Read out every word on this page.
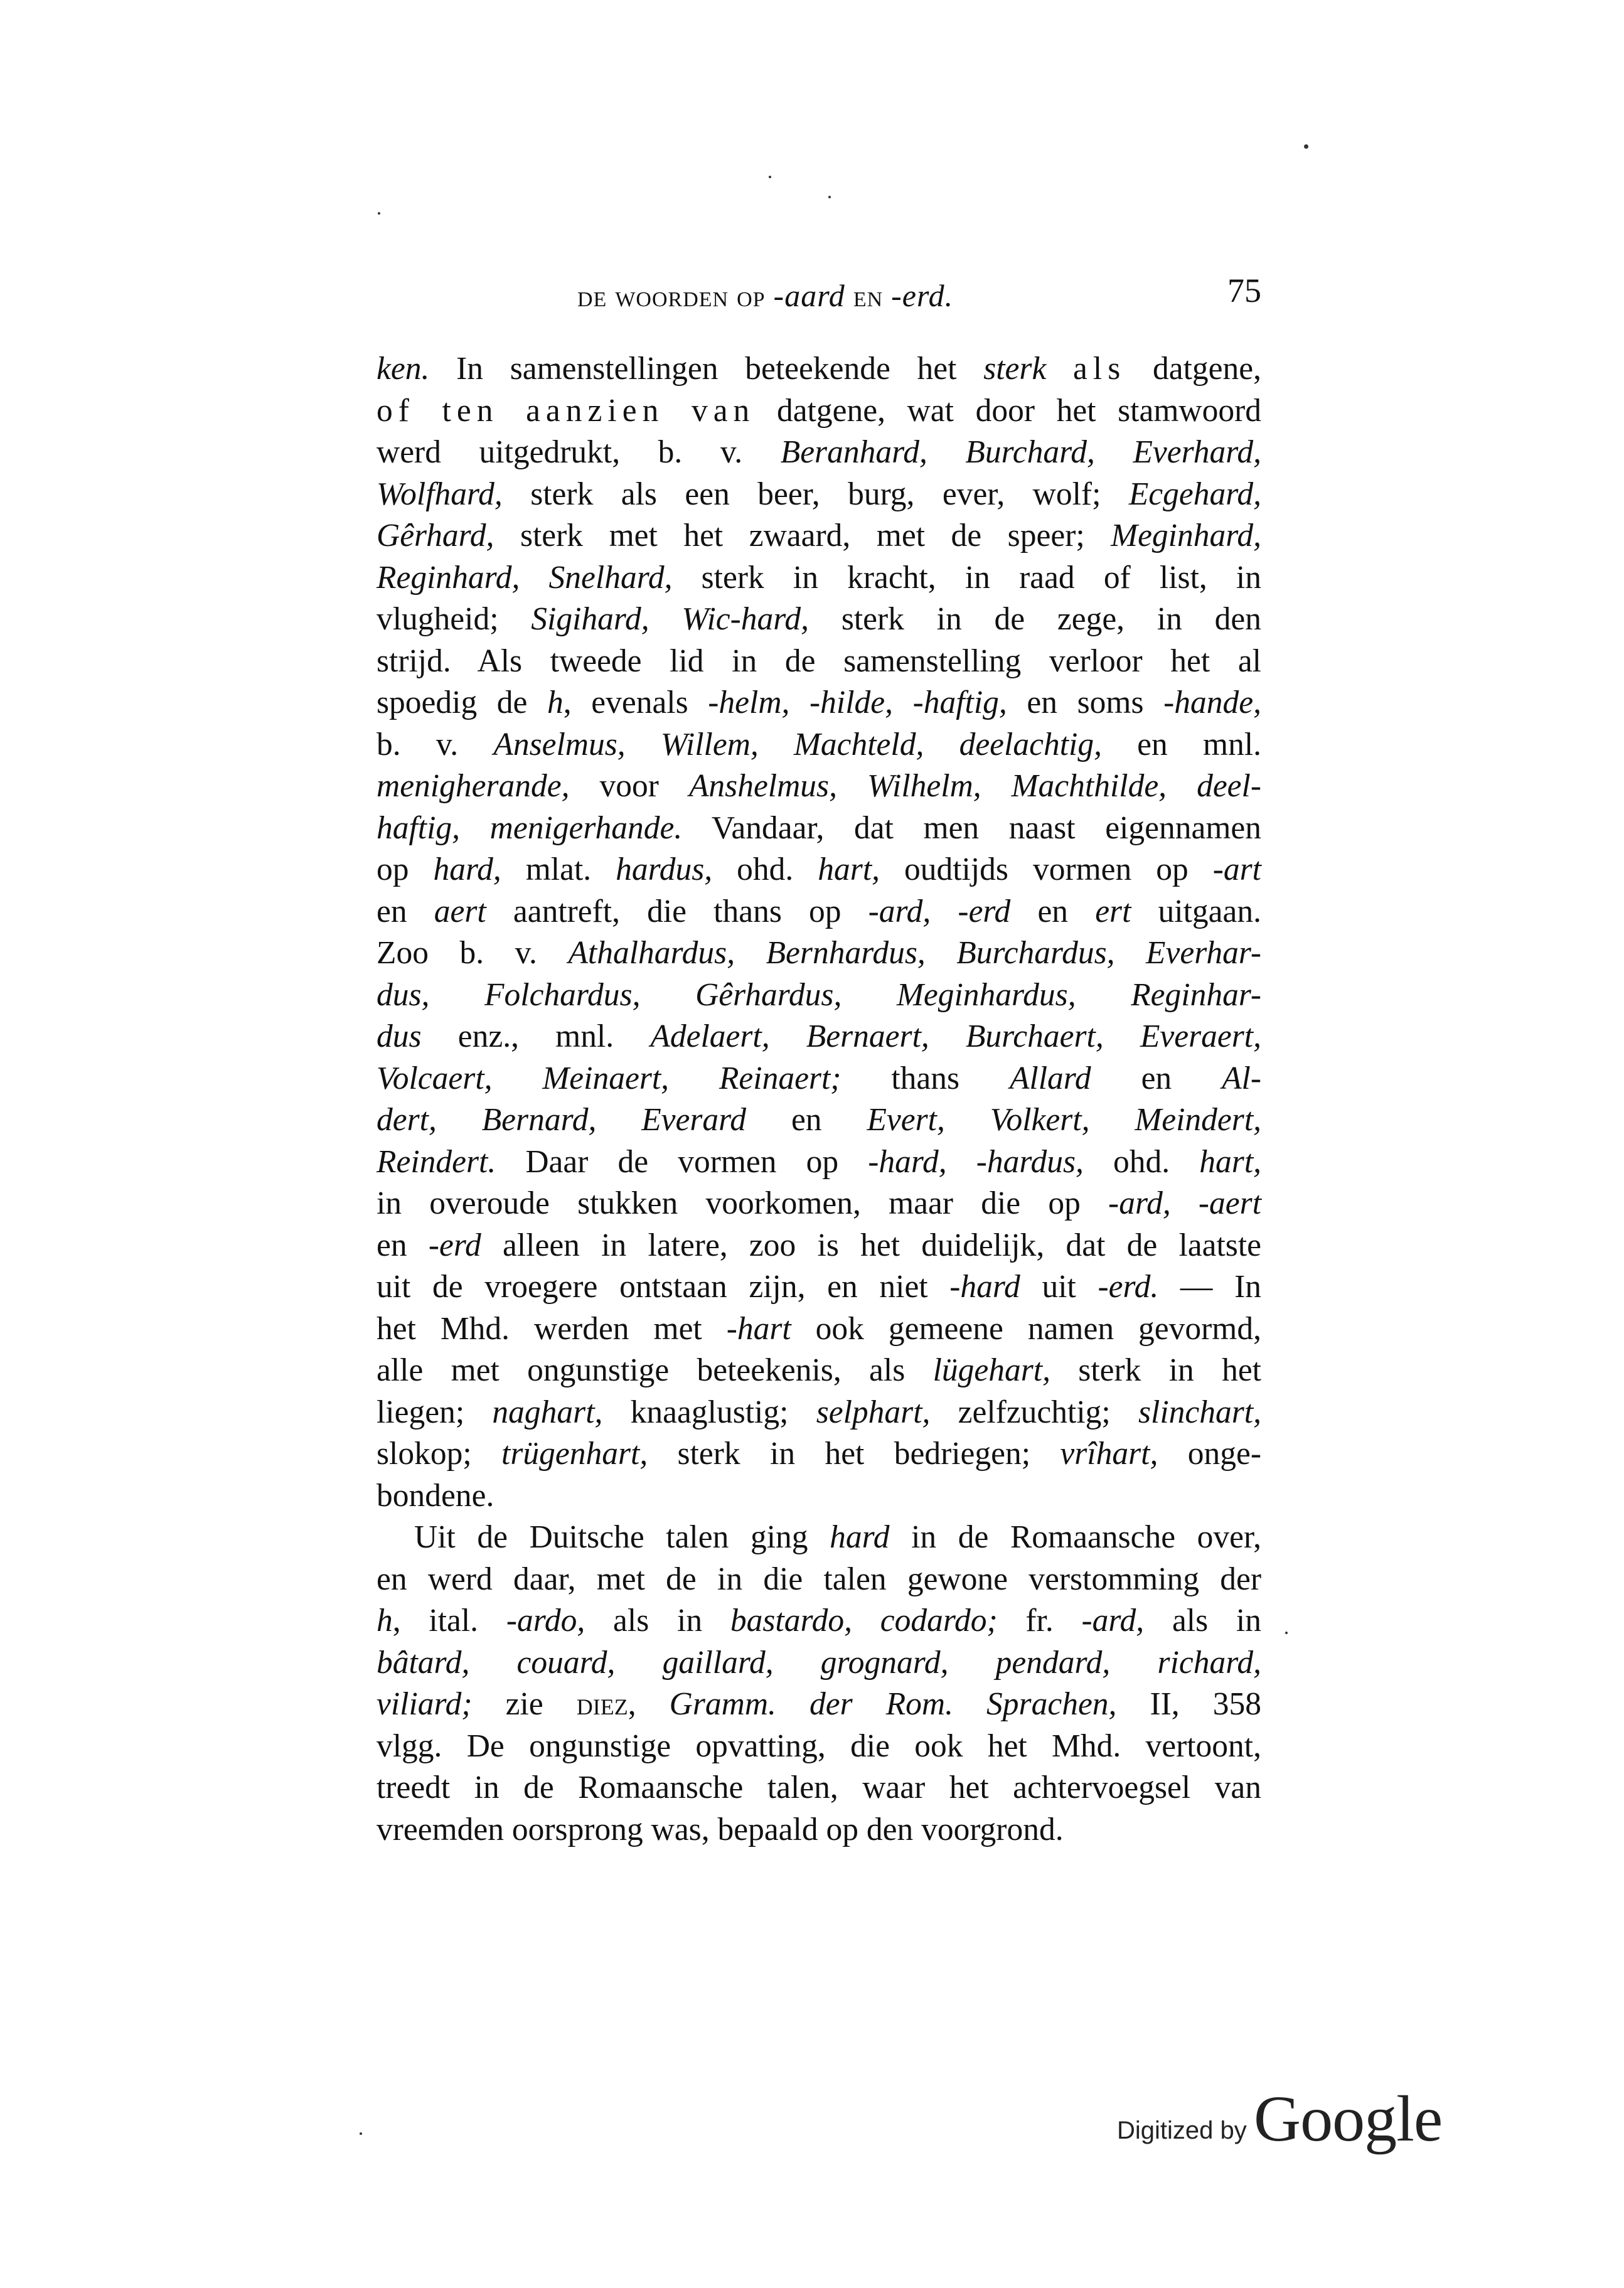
de woorden op -aard en -erd.	75
ken. In samenstellingen beteekende het sterk als datgene,
of ten aanzien van datgene, wat door het stamwoord
werd uitgedrukt, b. v. Beranhard, Burchard, Everhard,
Wolfhard, sterk als een beer, burg, ever, wolf; Ecgehard,
Gêrhard, sterk met het zwaard, met de speer; Meginhard,
Reginhard, Snelhard, sterk in kracht, in raad of list, in
vlugheid; Sigihard, Wic-hard, sterk in de zege, in den
strijd. Als tweede lid in de samenstelling verloor het al
spoedig de h, evenals -helm, -hilde, -haftig, en soms -hande,
b. v. Anselmus, Willem, Machteld, deelachtig, en mnl.
menigherande, voor Anshelmus, Wilhelm, Machthilde, deel-
haftig, menigerhande. Vandaar, dat men naast eigennamen
op hard, mlat. hardus, ohd. hart, oudtijds vormen op -art
en aert aantreft, die thans op -ard, -erd en ert uitgaan.
Zoo b. v. Athalhardus, Bernhardus, Burchardus, Everhar-
dus, Folchardus, Gêrhardus, Meginhardus, Reginhar-
dus enz., mnl. Adelaert, Bernaert, Burchaert, Everaert,
Volcaert, Meinaert, Reinaert; thans Allard en Al-
dert, Bernard, Everard en Evert, Volkert, Meindert,
Reindert. Daar de vormen op -hard, -hardus, ohd. hart,
in overoude stukken voorkomen, maar die op -ard, -aert
en -erd alleen in latere, zoo is het duidelijk, dat de laatste
uit de vroegere ontstaan zijn, en niet -hard uit -erd. — In
het Mhd. werden met -hart ook gemeene namen gevormd,
alle met ongunstige beteekenis, als lügehart, sterk in het
liegen; naghart, knaaglustig; selphart, zelfzuchtig; slinchart,
slokop; trügenhart, sterk in het bedriegen; vrîhart, onge-
bondene.
Uit de Duitsche talen ging hard in de Romaansche over,
en werd daar, met de in die talen gewone verstomming der
h, ital. -ardo, als in bastardo, codardo; fr. -ard, als in
bâtard, couard, gaillard, grognard, pendard, richard,
viliard; zie diez, Gramm. der Rom. Sprachen, II, 358
vlgg. De ongunstige opvatting, die ook het Mhd. vertoont,
treedt in de Romaansche talen, waar het achtervoegsel van
vreemden oorsprong was, bepaald op den voorgrond.
Digitized by Google
